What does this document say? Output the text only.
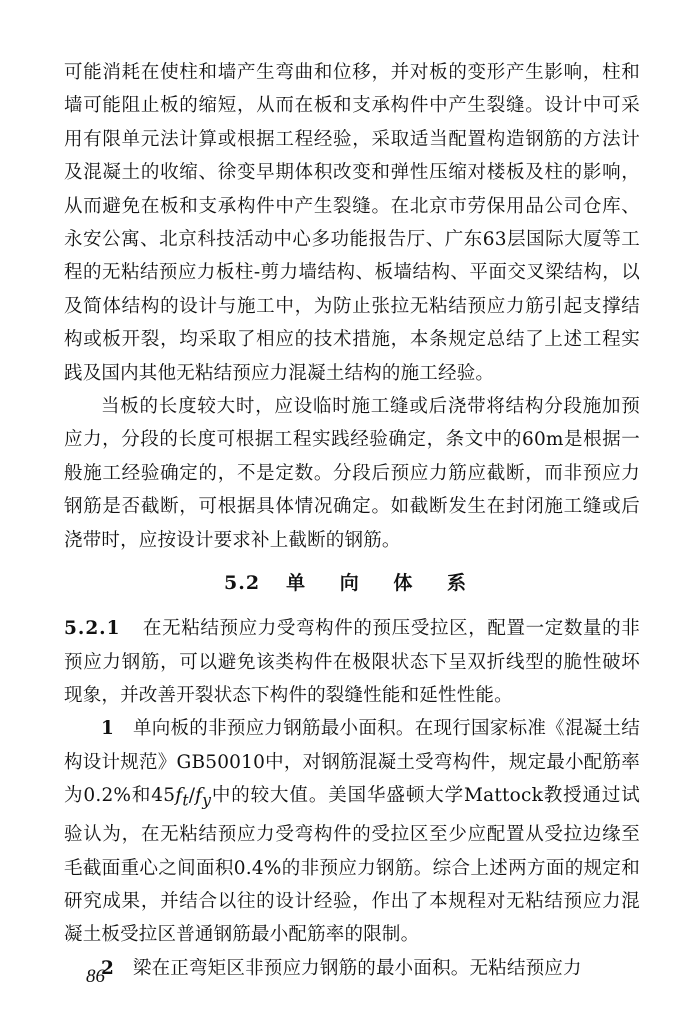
可能消耗在使柱和墙产生弯曲和位移，并对板的变形产生影响，柱和墙可能阻止板的缩短，从而在板和支承构件中产生裂缝。设计中可采用有限单元法计算或根据工程经验，采取适当配置构造钢筋的方法计及混凝土的收缩、徐变早期体积改变和弹性压缩对楼板及柱的影响，从而避免在板和支承构件中产生裂缝。在北京市劳保用品公司仓库、永安公寓、北京科技活动中心多功能报告厅、广东63层国际大厦等工程的无粘结预应力板柱-剪力墙结构、板墙结构、平面交叉梁结构，以及简体结构的设计与施工中，为防止张拉无粘结预应力筋引起支撑结构或板开裂，均采取了相应的技术措施，本条规定总结了上述工程实践及国内其他无粘结预应力混凝土结构的施工经验。

当板的长度较大时，应设临时施工缝或后浇带将结构分段施加预应力，分段的长度可根据工程实践经验确定，条文中的60m是根据一般施工经验确定的，不是定数。分段后预应力筋应截断，而非预应力钢筋是否截断，可根据具体情况确定。如截断发生在封闭施工缝或后浇带时，应按设计要求补上截断的钢筋。

5.2 单 向 体 系

5.2.1 在无粘结预应力受弯构件的预压受拉区，配置一定数量的非预应力钢筋，可以避免该类构件在极限状态下呈双折线型的脆性破坏现象，并改善开裂状态下构件的裂缝性能和延性性能。

1 单向板的非预应力钢筋最小面积。在现行国家标准《混凝土结构设计规范》GB50010中，对钢筋混凝土受弯构件，规定最小配筋率为0.2%和$45f_t/f_y$中的较大值。美国华盛顿大学Mattock教授通过试验认为，在无粘结预应力受弯构件的受拉区至少应配置从受拉边缘至毛截面重心之间面积0.4%的非预应力钢筋。综合上述两方面的规定和研究成果，并结合以往的设计经验，作出了本规程对无粘结预应力混凝土板受拉区普通钢筋最小配筋率的限制。

2 梁在正弯矩区非预应力钢筋的最小面积。无粘结预应力

86
